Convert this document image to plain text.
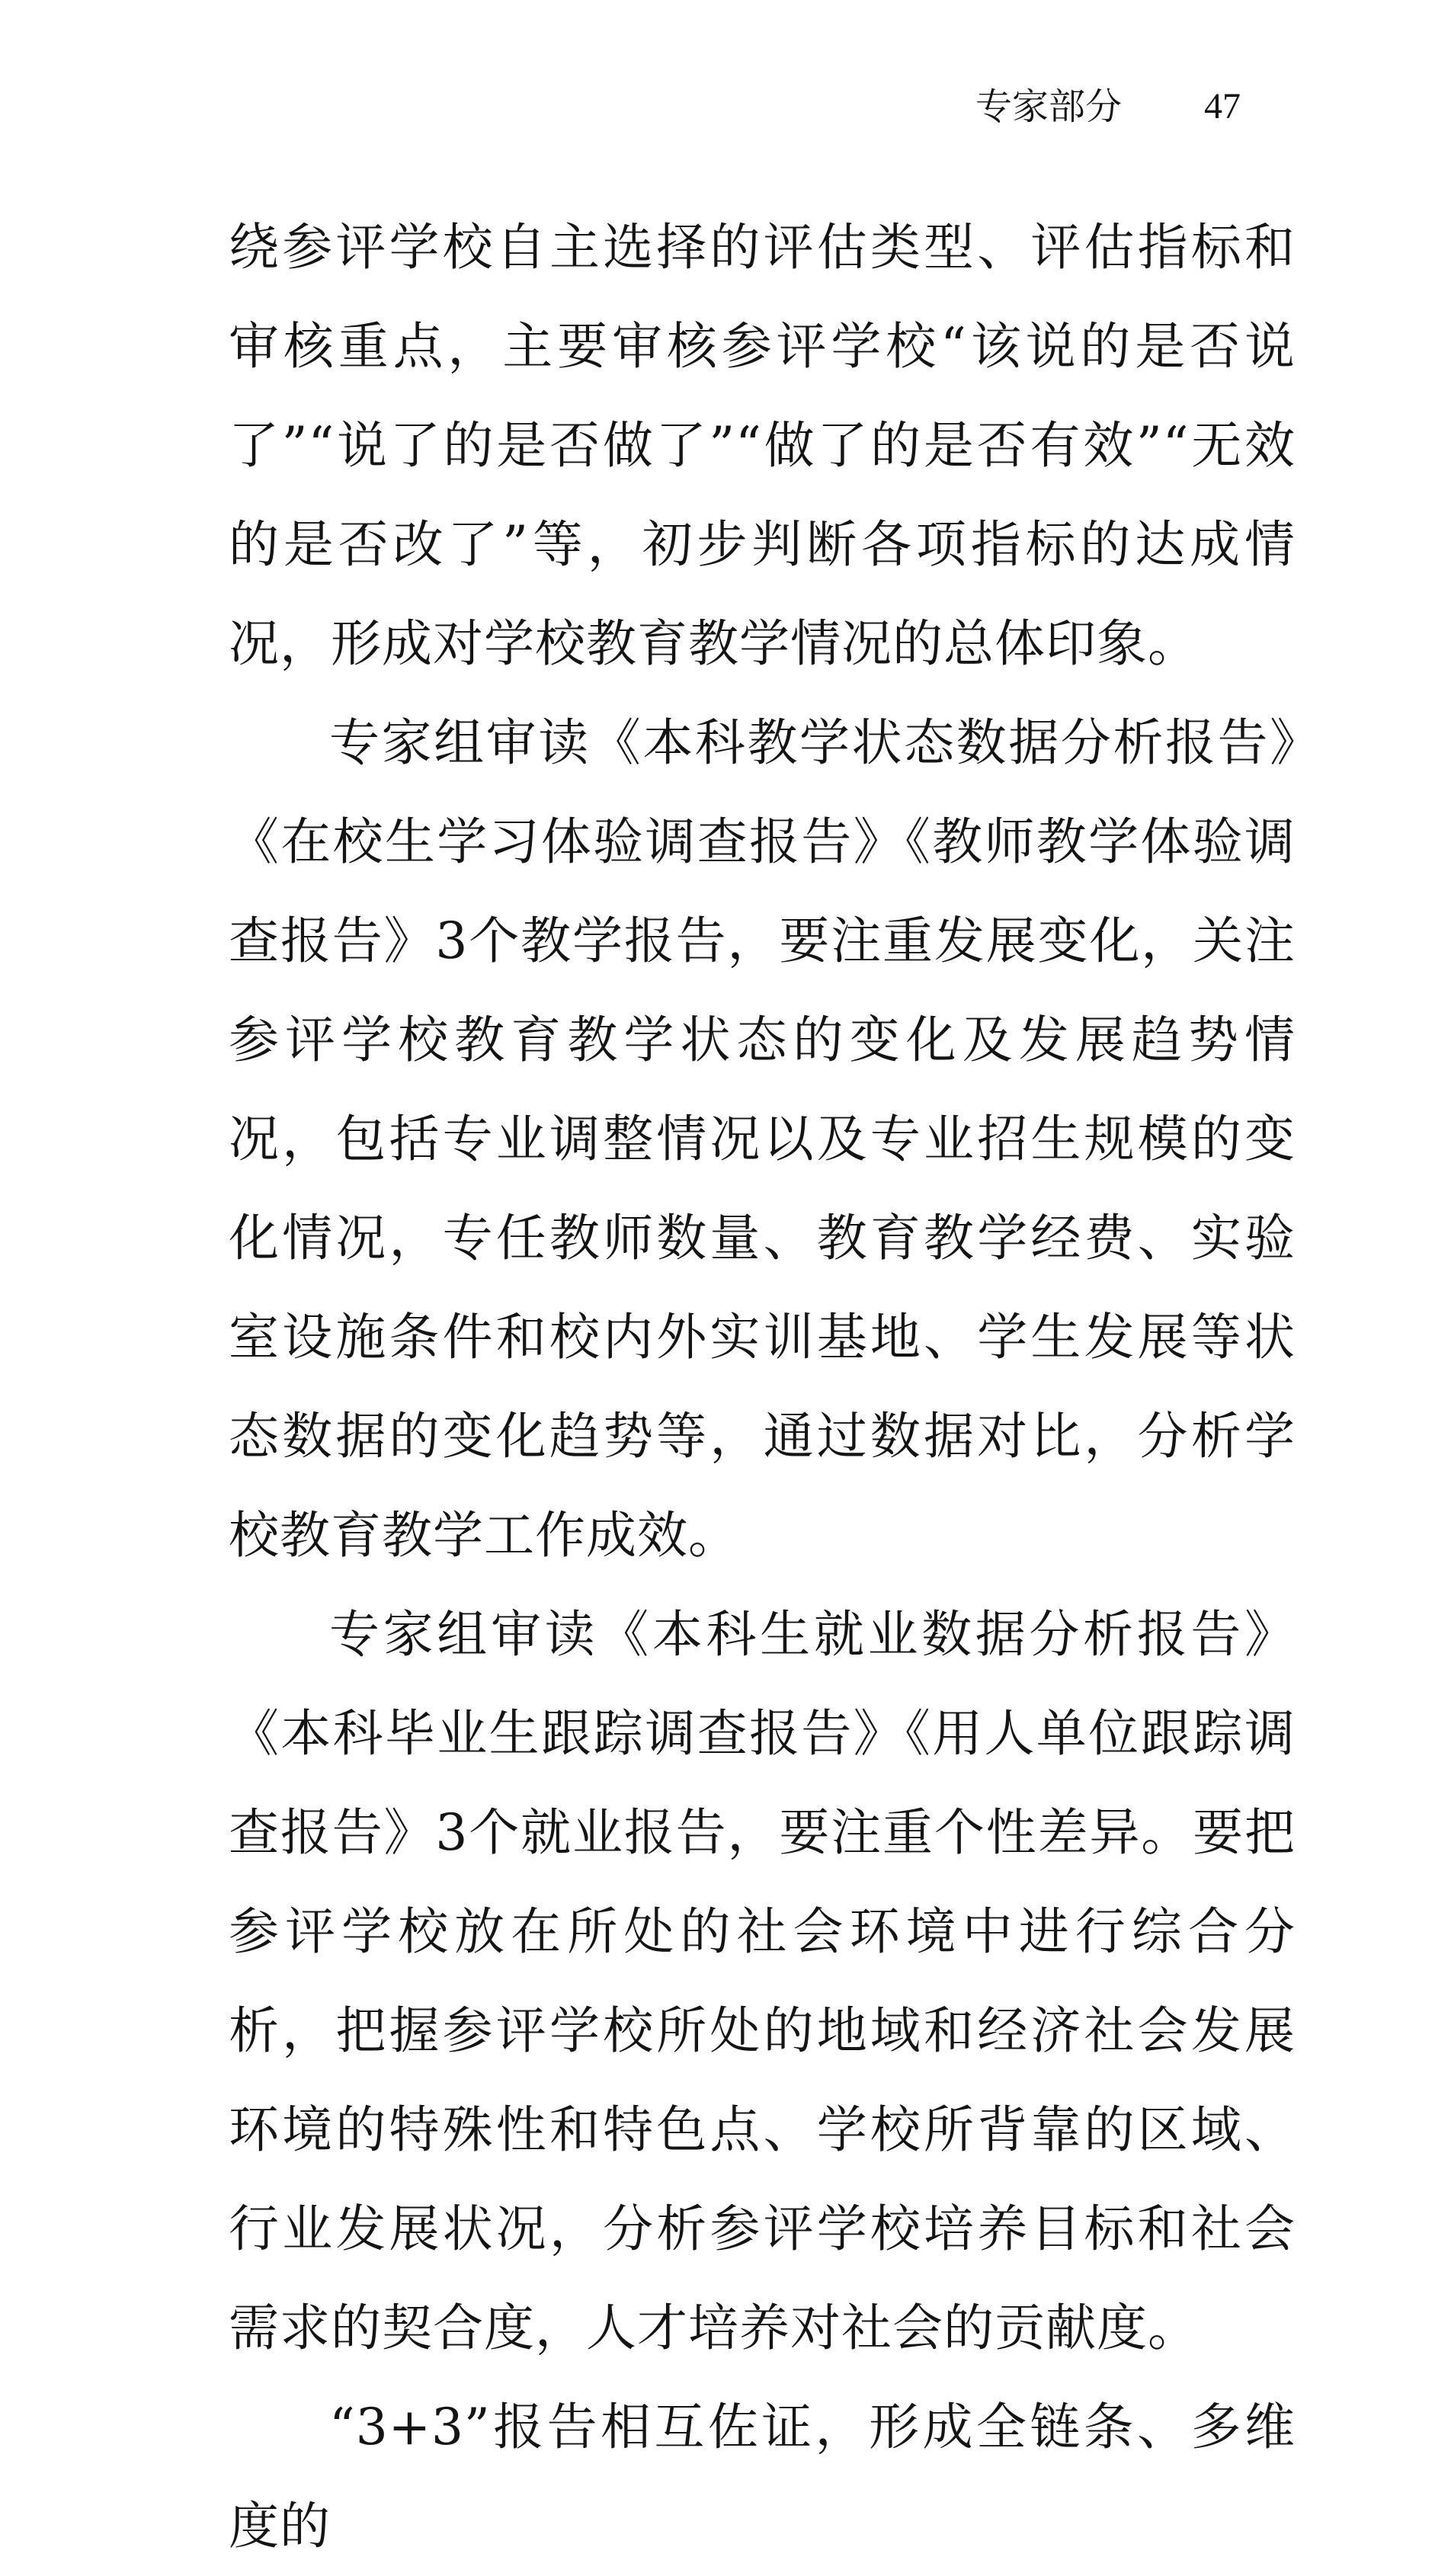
专家部分 47

绕参评学校自主选择的评估类型、评估指标和审核重点，主要审核参评学校“该说的是否说了”“说了的是否做了”“做了的是否有效”“无效的是否改了”等，初步判断各项指标的达成情况，形成对学校教育教学情况的总体印象。

专家组审读《本科教学状态数据分析报告》《在校生学习体验调查报告》《教师教学体验调查报告》3个教学报告，要注重发展变化，关注参评学校教育教学状态的变化及发展趋势情况，包括专业调整情况以及专业招生规模的变化情况，专任教师数量、教育教学经费、实验室设施条件和校内外实训基地、学生发展等状态数据的变化趋势等，通过数据对比，分析学校教育教学工作成效。

专家组审读《本科生就业数据分析报告》《本科毕业生跟踪调查报告》《用人单位跟踪调查报告》3个就业报告，要注重个性差异。要把参评学校放在所处的社会环境中进行综合分析，把握参评学校所处的地域和经济社会发展环境的特殊性和特色点、学校所背靠的区域、行业发展状况，分析参评学校培养目标和社会需求的契合度，人才培养对社会的贡献度。

“3+3”报告相互佐证，形成全链条、多维度的
